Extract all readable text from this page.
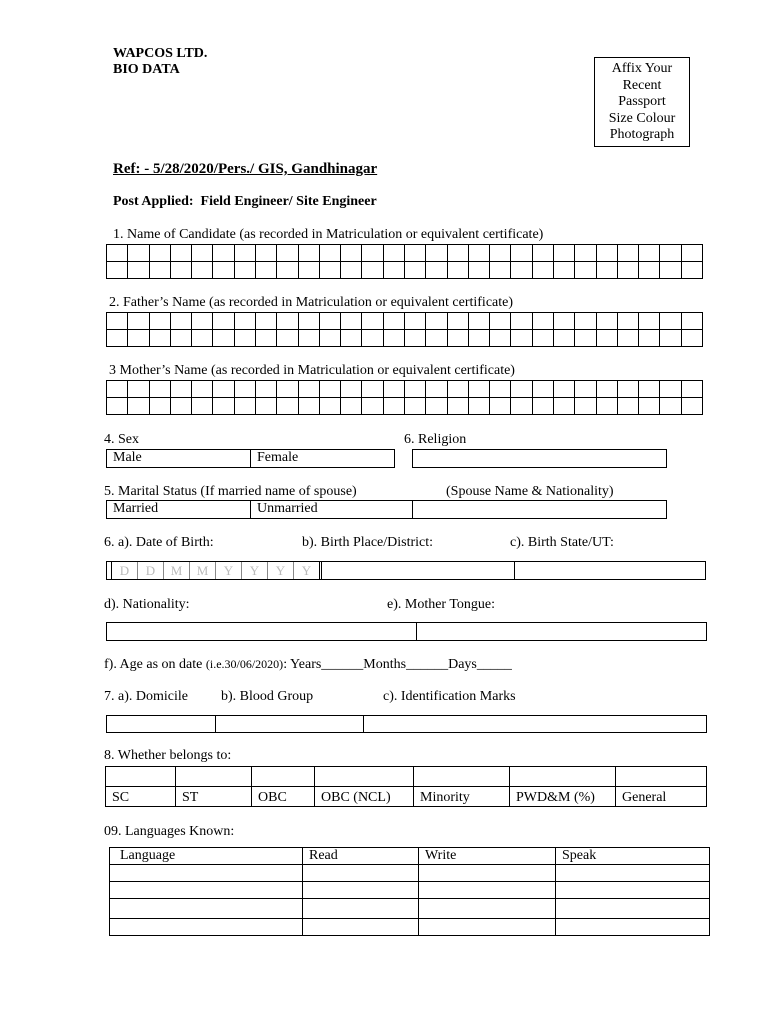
WAPCOS LTD.
BIO DATA	Affix Your
Recent
Passport
Size Colour
Photograph
Ref: - 5/28/2020/Pers./ GIS, Gandhinagar
Post Applied: Field Engineer/ Site Engineer
1. Name of Candidate (as recorded in Matriculation or equivalent certificate)
2. Father’s Name (as recorded in Matriculation or equivalent certificate)
3 Mother’s Name (as recorded in Matriculation or equivalent certificate)
4. Sex
Male	Female
6. Religion
5. Marital Status (If married name of spouse)	(Spouse Name & Nationality)
Married	Unmarried
6. a). Date of Birth:	b). Birth Place/District:	c). Birth State/UT:
D	D	M	M	Y	Y	Y	Y
d). Nationality:	e). Mother Tongue:
f). Age as on date (i.e.30/06/2020): Years______Months______Days_____
7. a). Domicile b). Blood Group	c). Identification Marks
8. Whether belongs to:

SC	ST	OBC	OBC (NCL)	Minority	PWD&M (%)	General
09. Languages Known:
Language	Read	Write	Speak
